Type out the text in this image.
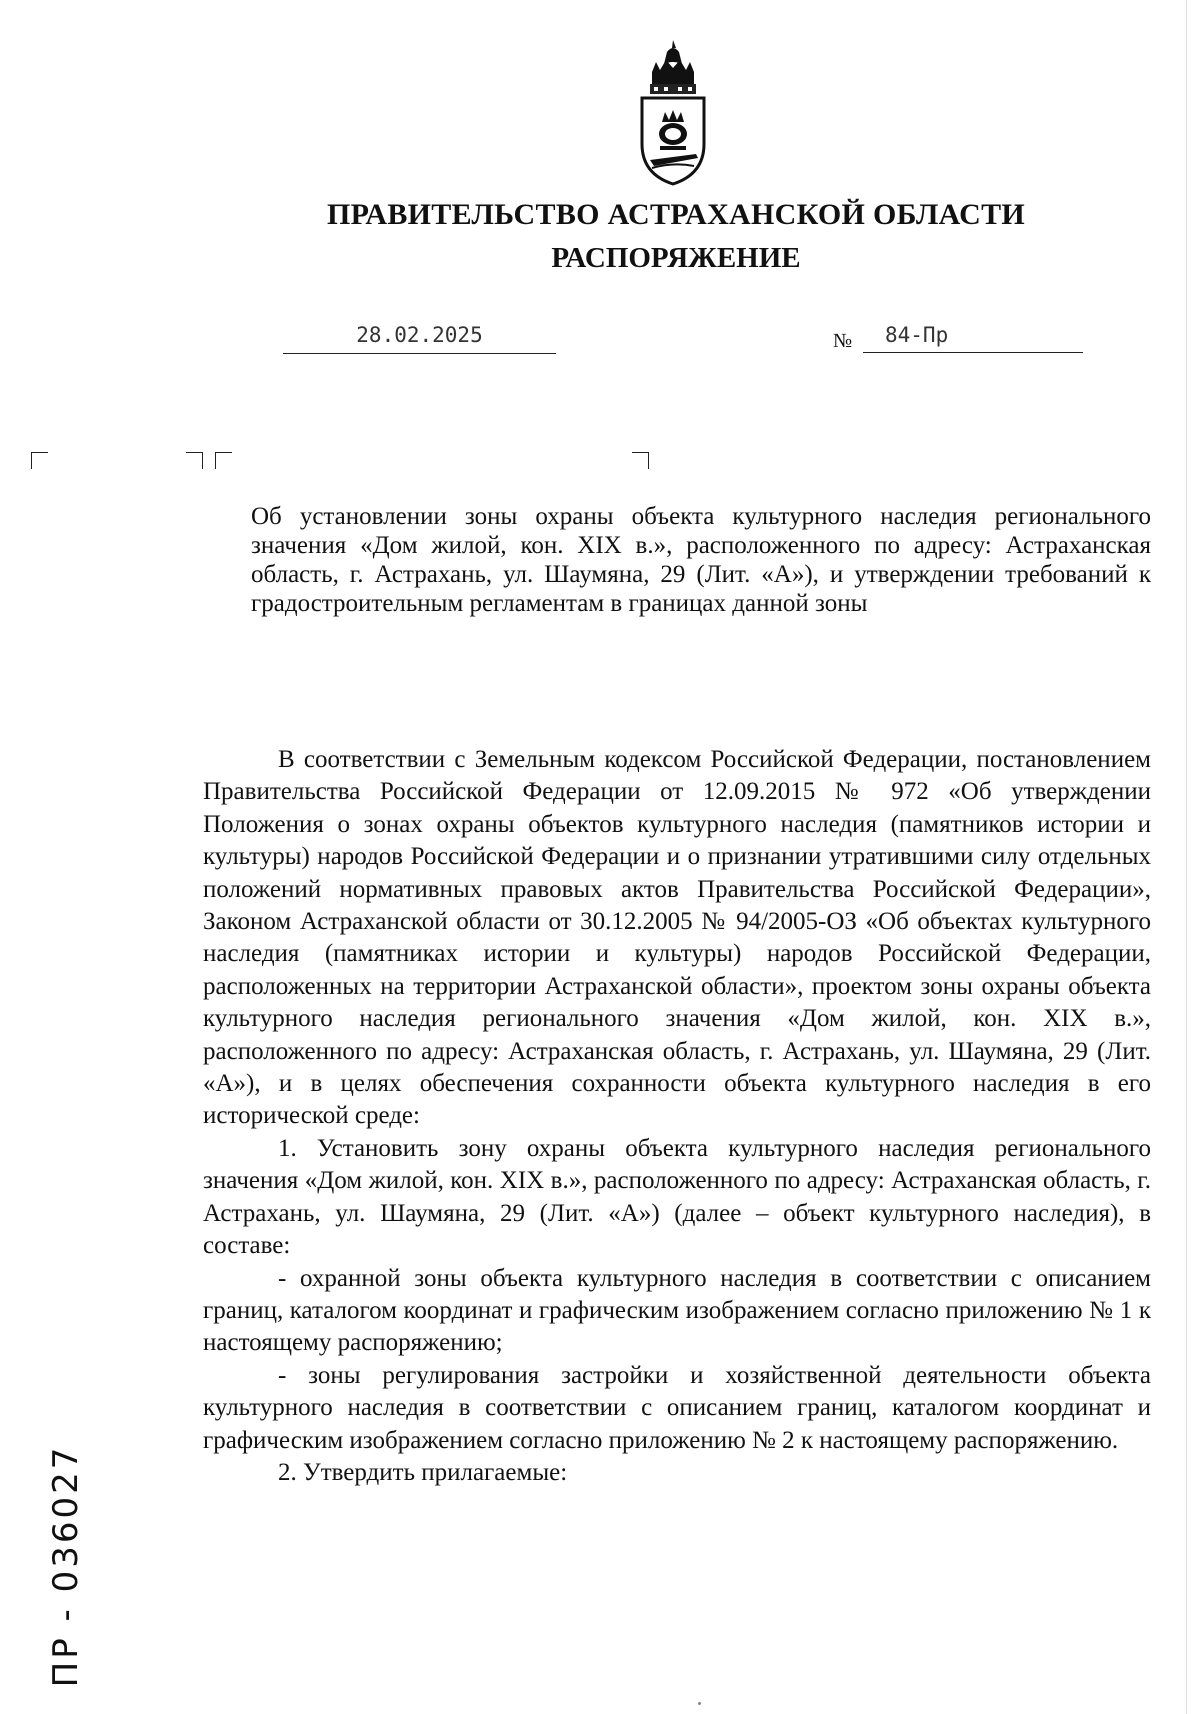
ПРАВИТЕЛЬСТВО АСТРАХАНСКОЙ ОБЛАСТИ
РАСПОРЯЖЕНИЕ
28.02.2025	№	84-Пр
Об установлении зоны охраны объекта культурного наследия регионального значения «Дом жилой, кон. XIX в.», расположенного по адресу: Астраханская область, г. Астрахань, ул. Шаумяна, 29 (Лит. «А»), и утверждении требований к градостроительным регламентам в границах данной зоны

В соответствии с Земельным кодексом Российской Федерации, постановлением Правительства Российской Федерации от 12.09.2015 № 972 «Об утверждении Положения о зонах охраны объектов культурного наследия (памятников истории и культуры) народов Российской Федерации и о признании утратившими силу отдельных положений нормативных правовых актов Правительства Российской Федерации», Законом Астраханской области от 30.12.2005 № 94/2005-ОЗ «Об объектах культурного наследия (памятниках истории и культуры) народов Российской Федерации, расположенных на территории Астраханской области», проектом зоны охраны объекта культурного наследия регионального значения «Дом жилой, кон. XIX в.», расположенного по адресу: Астраханская область, г. Астрахань, ул. Шаумяна, 29 (Лит. «А»), и в целях обеспечения сохранности объекта культурного наследия в его исторической среде:

1. Установить зону охраны объекта культурного наследия регионального значения «Дом жилой, кон. XIX в.», расположенного по адресу: Астраханская область, г. Астрахань, ул. Шаумяна, 29 (Лит. «А») (далее – объект культурного наследия), в составе:

- охранной зоны объекта культурного наследия в соответствии с описанием границ, каталогом координат и графическим изображением согласно приложению № 1 к настоящему распоряжению;

- зоны регулирования застройки и хозяйственной деятельности объекта культурного наследия в соответствии с описанием границ, каталогом координат и графическим изображением согласно приложению № 2 к настоящему распоряжению.

2. Утвердить прилагаемые:

ПР - 036027
